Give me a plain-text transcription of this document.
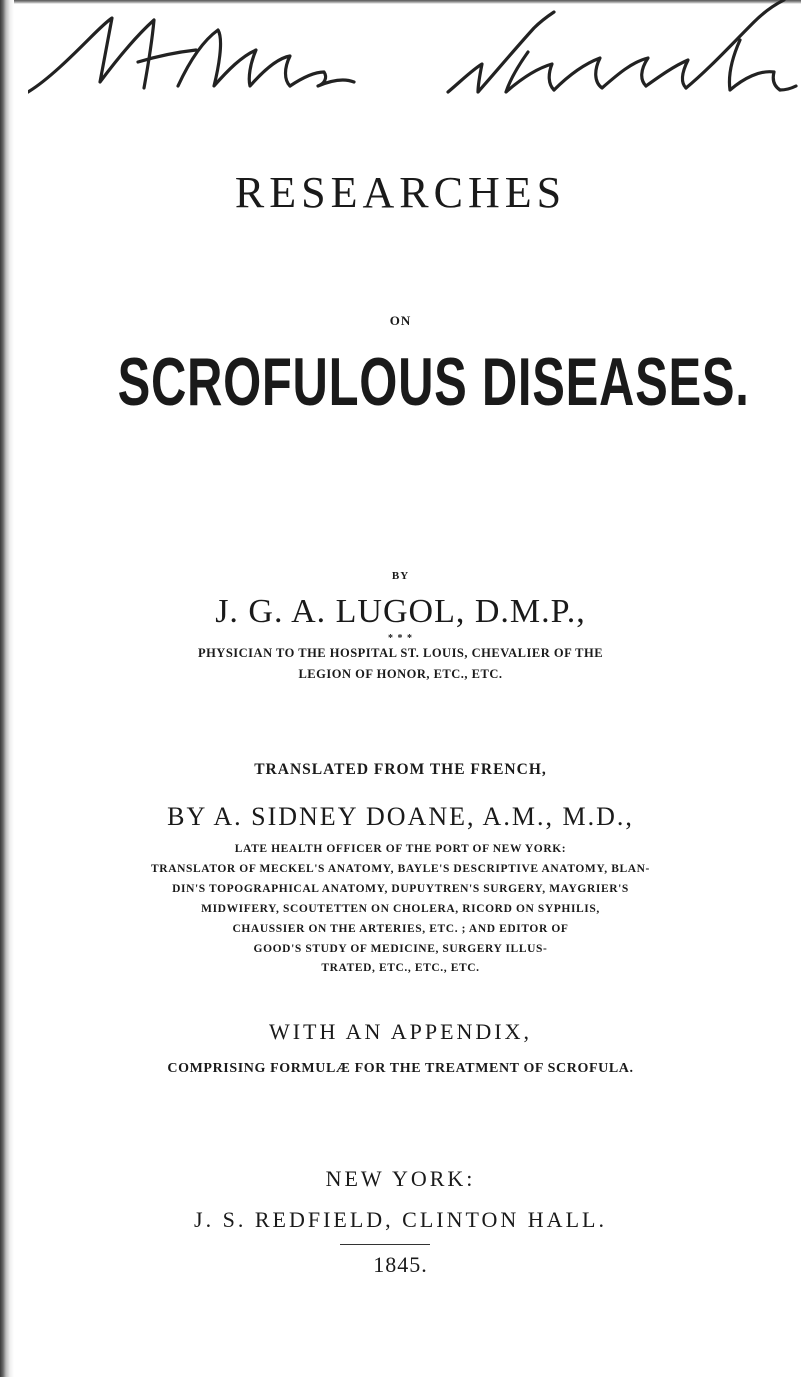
RESEARCHES
ON
SCROFULOUS DISEASES.
BY
J. G. A. LUGOL, D.M.P.,
* * *
PHYSICIAN TO THE HOSPITAL ST. LOUIS, CHEVALIER OF THE
LEGION OF HONOR, ETC., ETC.
TRANSLATED FROM THE FRENCH,
BY A. SIDNEY DOANE, A.M., M.D.,
LATE HEALTH OFFICER OF THE PORT OF NEW YORK:
TRANSLATOR OF MECKEL'S ANATOMY, BAYLE'S DESCRIPTIVE ANATOMY, BLAN-
DIN'S TOPOGRAPHICAL ANATOMY, DUPUYTREN'S SURGERY, MAYGRIER'S
MIDWIFERY, SCOUTETTEN ON CHOLERA, RICORD ON SYPHILIS,
CHAUSSIER ON THE ARTERIES, ETC. ; AND EDITOR OF
GOOD'S STUDY OF MEDICINE, SURGERY ILLUS-
TRATED, ETC., ETC., ETC.
WITH AN APPENDIX,
COMPRISING FORMULÆ FOR THE TREATMENT OF SCROFULA.
NEW YORK:
J. S. REDFIELD, CLINTON HALL.
1845.
